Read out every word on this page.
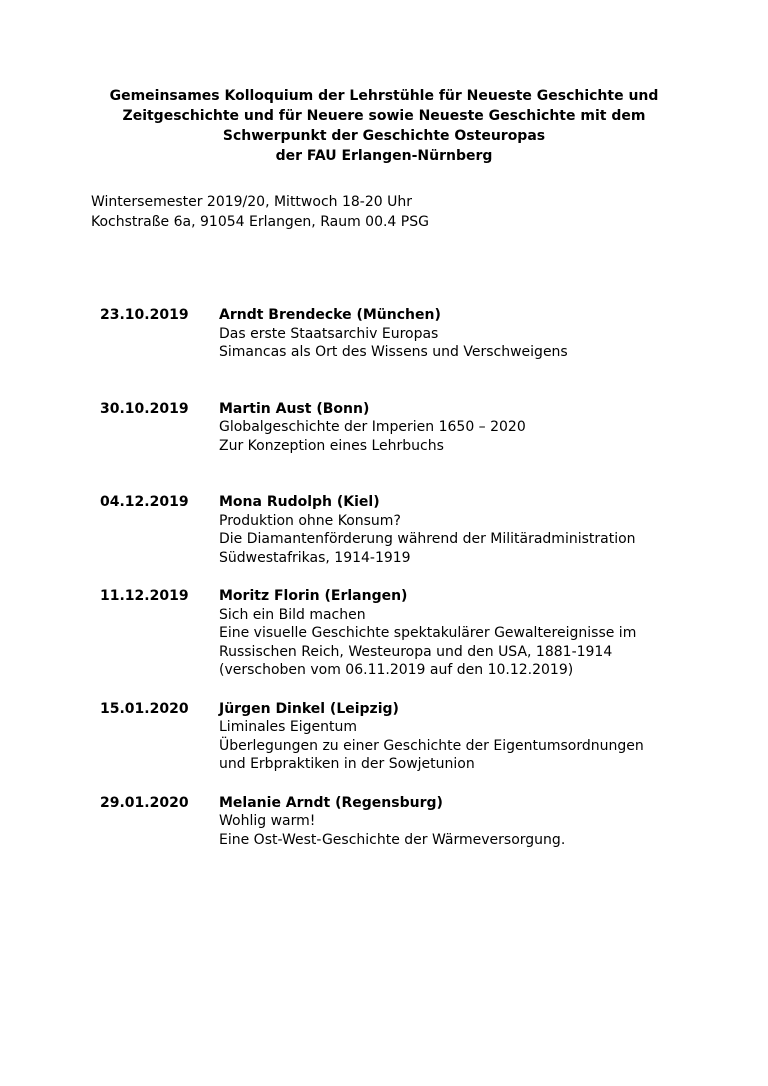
Gemeinsames Kolloquium der Lehrstühle für Neueste Geschichte und
Zeitgeschichte und für Neuere sowie Neueste Geschichte mit dem
Schwerpunkt der Geschichte Osteuropas
der FAU Erlangen-Nürnberg
Wintersemester 2019/20, Mittwoch 18-20 Uhr
Kochstraße 6a, 91054 Erlangen, Raum 00.4 PSG
23.10.2019	Arndt Brendecke (München)
Das erste Staatsarchiv Europas
Simancas als Ort des Wissens und Verschweigens
30.10.2019	Martin Aust (Bonn)
Globalgeschichte der Imperien 1650 – 2020
Zur Konzeption eines Lehrbuchs
04.12.2019	Mona Rudolph (Kiel)
Produktion ohne Konsum?
Die Diamantenförderung während der Militäradministration
Südwestafrikas, 1914-1919
11.12.2019	Moritz Florin (Erlangen)
Sich ein Bild machen
Eine visuelle Geschichte spektakulärer Gewaltereignisse im
Russischen Reich, Westeuropa und den USA, 1881-1914
(verschoben vom 06.11.2019 auf den 10.12.2019)
15.01.2020	Jürgen Dinkel (Leipzig)
Liminales Eigentum
Überlegungen zu einer Geschichte der Eigentumsordnungen
und Erbpraktiken in der Sowjetunion
29.01.2020	Melanie Arndt (Regensburg)
Wohlig warm!
Eine Ost-West-Geschichte der Wärmeversorgung.
